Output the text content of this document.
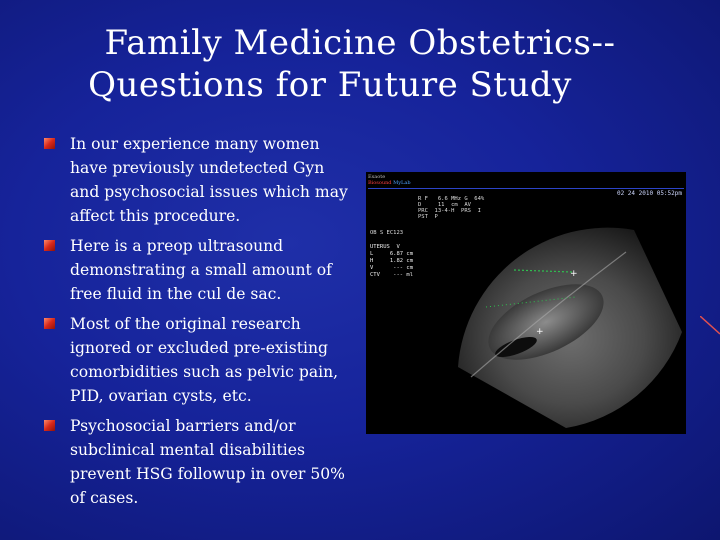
Family Medicine Obstetrics--
Questions for Future Study
In our experience many women have previously undetected Gyn and psychosocial issues which may affect this procedure.
Here is a preop ultrasound demonstrating a small amount of free fluid in the cul de sac.
Most of the original research ignored or excluded pre-existing comorbidities such as pelvic pain, PID, ovarian cysts, etc.
Psychosocial barriers and/or subclinical mental disabilities prevent HSG followup in over 50% of cases.
Esaote
Biosound MyLab
02 24 2010 05:52pm
R F   6.6 MHz G  64%
D     11  cm  AV
PRC  13-4-H  PRS  I
PST  P
OB S EC123
UTERUS  V
L     6.87 cm
H     1.82 cm
V      --- cm
CTV    --- ml	+
+
